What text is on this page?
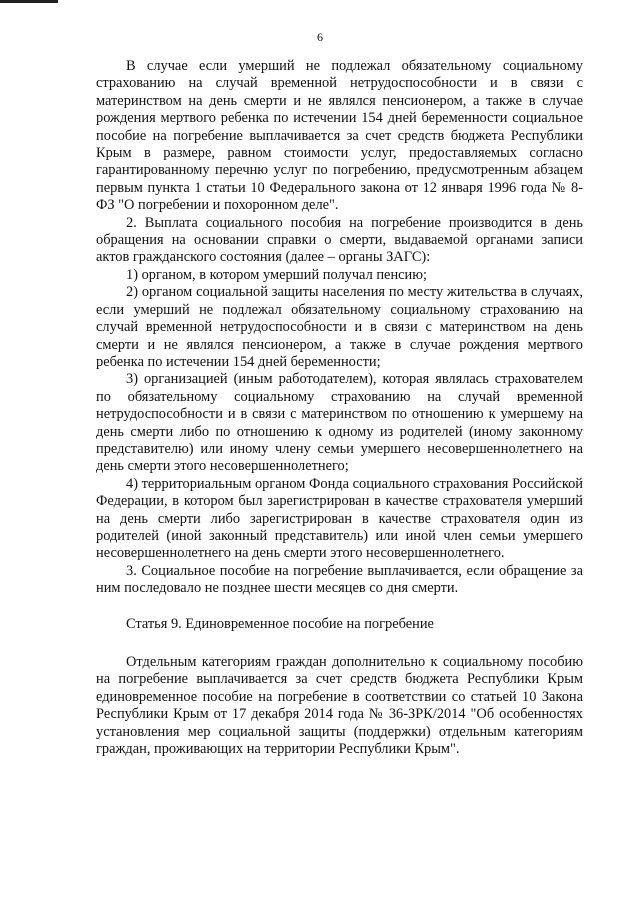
6

В случае если умерший не подлежал обязательному социальному страхованию на случай временной нетрудоспособности и в связи с материнством на день смерти и не являлся пенсионером, а также в случае рождения мертвого ребенка по истечении 154 дней беременности социальное пособие на погребение выплачивается за счет средств бюджета Республики Крым в размере, равном стоимости услуг, предоставляемых согласно гарантированному перечню услуг по погребению, предусмотренным абзацем первым пункта 1 статьи 10 Федерального закона от 12 января 1996 года № 8-ФЗ "О погребении и похоронном деле".

2. Выплата социального пособия на погребение производится в день обращения на основании справки о смерти, выдаваемой органами записи актов гражданского состояния (далее – органы ЗАГС):

1) органом, в котором умерший получал пенсию;

2) органом социальной защиты населения по месту жительства в случаях, если умерший не подлежал обязательному социальному страхованию на случай временной нетрудоспособности и в связи с материнством на день смерти и не являлся пенсионером, а также в случае рождения мертвого ребенка по истечении 154 дней беременности;

3) организацией (иным работодателем), которая являлась страхователем по обязательному социальному страхованию на случай временной нетрудоспособности и в связи с материнством по отношению к умершему на день смерти либо по отношению к одному из родителей (иному законному представителю) или иному члену семьи умершего несовершеннолетнего на день смерти этого несовершеннолетнего;

4) территориальным органом Фонда социального страхования Российской Федерации, в котором был зарегистрирован в качестве страхователя умерший на день смерти либо зарегистрирован в качестве страхователя один из родителей (иной законный представитель) или иной член семьи умершего несовершеннолетнего на день смерти этого несовершеннолетнего.

3. Социальное пособие на погребение выплачивается, если обращение за ним последовало не позднее шести месяцев со дня смерти.

Статья 9. Единовременное пособие на погребение

Отдельным категориям граждан дополнительно к социальному пособию на погребение выплачивается за счет средств бюджета Республики Крым единовременное пособие на погребение в соответствии со статьей 10 Закона Республики Крым от 17 декабря 2014 года № 36-ЗРК/2014 "Об особенностях установления мер социальной защиты (поддержки) отдельным категориям граждан, проживающих на территории Республики Крым".
